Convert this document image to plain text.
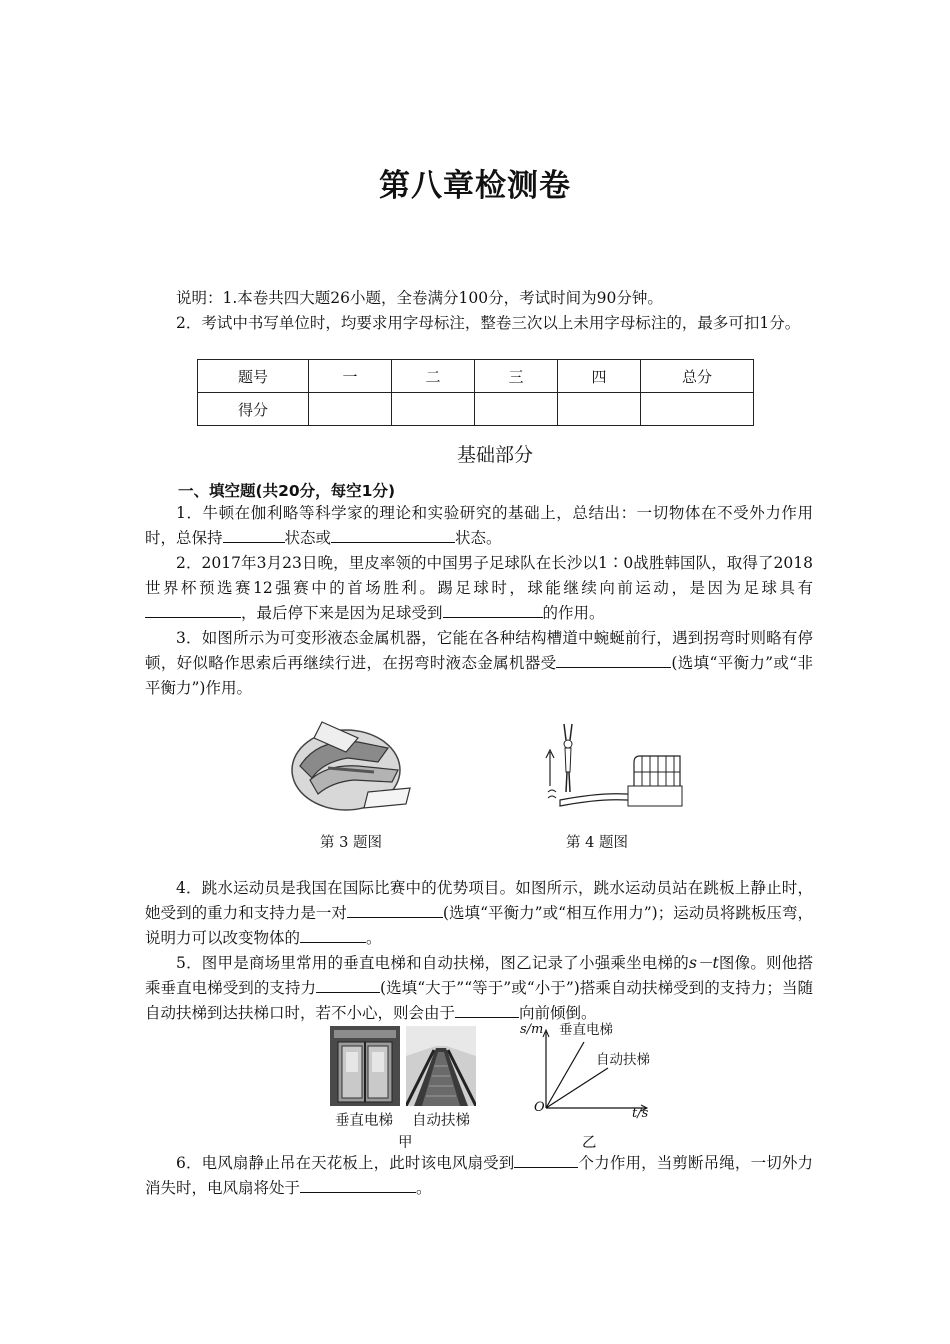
第八章检测卷
说明：1.本卷共四大题26小题，全卷满分100分，考试时间为90分钟。
2．考试中书写单位时，均要求用字母标注，整卷三次以上未用字母标注的，最多可扣1分。
题号	一	二	三	四	总分
得分					
基础部分
一、填空题(共20分，每空1分)
1．牛顿在伽利略等科学家的理论和实验研究的基础上，总结出：一切物体在不受外力作用时，总保持	状态或	状态。
2．2017年3月23日晚，里皮率领的中国男子足球队在长沙以1∶0战胜韩国队，取得了2018世界杯预选赛12强赛中的首场胜利。踢足球时，球能继续向前运动，是因为足球具有，最后停下来是因为足球受到	的作用。
3．如图所示为可变形液态金属机器，它能在各种结构槽道中蜿蜒前行，遇到拐弯时则略有停顿，好似略作思索后再继续行进，在拐弯时液态金属机器受	(选填“平衡力”或“非平衡力”)作用。
第 3 题图	第 4 题图
4．跳水运动员是我国在国际比赛中的优势项目。如图所示，跳水运动员站在跳板上静止时，她受到的重力和支持力是一对	(选填“平衡力”或“相互作用力”)；运动员将跳板压弯，说明力可以改变物体的	。
5．图甲是商场里常用的垂直电梯和自动扶梯，图乙记录了小强乘坐电梯的s－t图像。则他搭乘垂直电梯受到的支持力	(选填“大于”“等于”或“小于”)搭乘自动扶梯受到的支持力；当随自动扶梯到达扶梯口时，若不小心，则会由于	向前倾倒。
垂直电梯 自动扶梯
甲
s/m 垂直电梯
自动扶梯
O	t/s
乙
6．电风扇静止吊在天花板上，此时该电风扇受到	个力作用，当剪断吊绳，一切外力消失时，电风扇将处于	。
